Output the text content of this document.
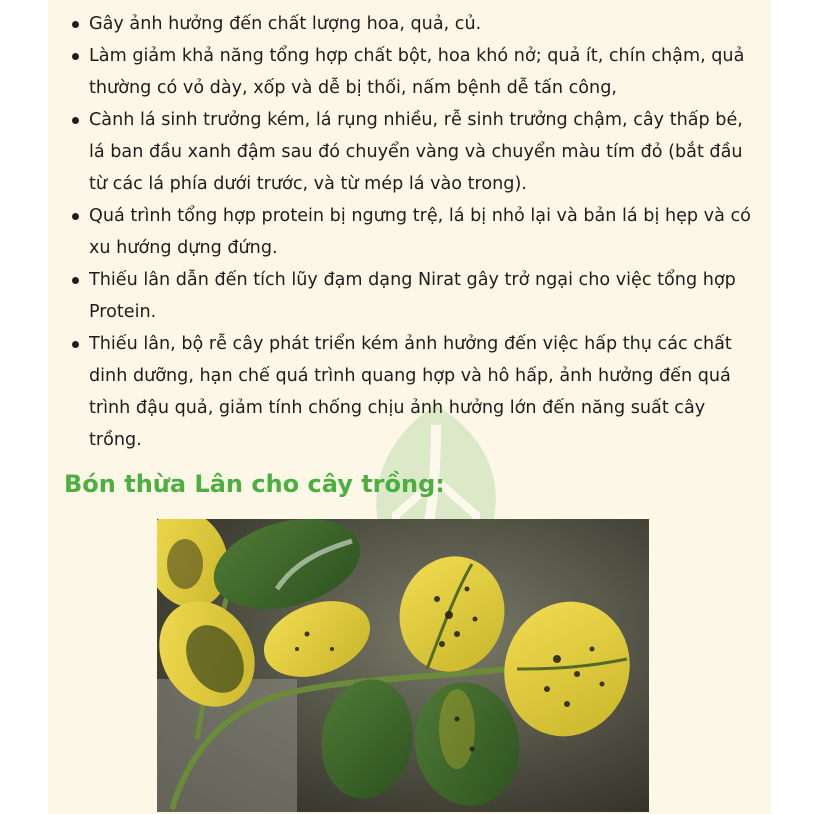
Gây ảnh hưởng đến chất lượng hoa, quả, củ.
Làm giảm khả năng tổng hợp chất bột, hoa khó nở; quả ít, chín chậm, quả thường có vỏ dày, xốp và dễ bị thối, nấm bệnh dễ tấn công,
Cành lá sinh trưởng kém, lá rụng nhiều, rễ sinh trưởng chậm, cây thấp bé, lá ban đầu xanh đậm sau đó chuyển vàng và chuyển màu tím đỏ (bắt đầu từ các lá phía dưới trước, và từ mép lá vào trong).
Quá trình tổng hợp protein bị ngưng trệ, lá bị nhỏ lại và bản lá bị hẹp và có xu hướng dựng đứng.
Thiếu lân dẫn đến tích lũy đạm dạng Nirat gây trở ngại cho việc tổng hợp Protein.
Thiếu lân, bộ rễ cây phát triển kém ảnh hưởng đến việc hấp thụ các chất dinh dưỡng, hạn chế quá trình quang hợp và hô hấp, ảnh hưởng đến quá trình đậu quả, giảm tính chống chịu ảnh hưởng lớn đến năng suất cây trồng.
Bón thừa Lân cho cây trồng:
